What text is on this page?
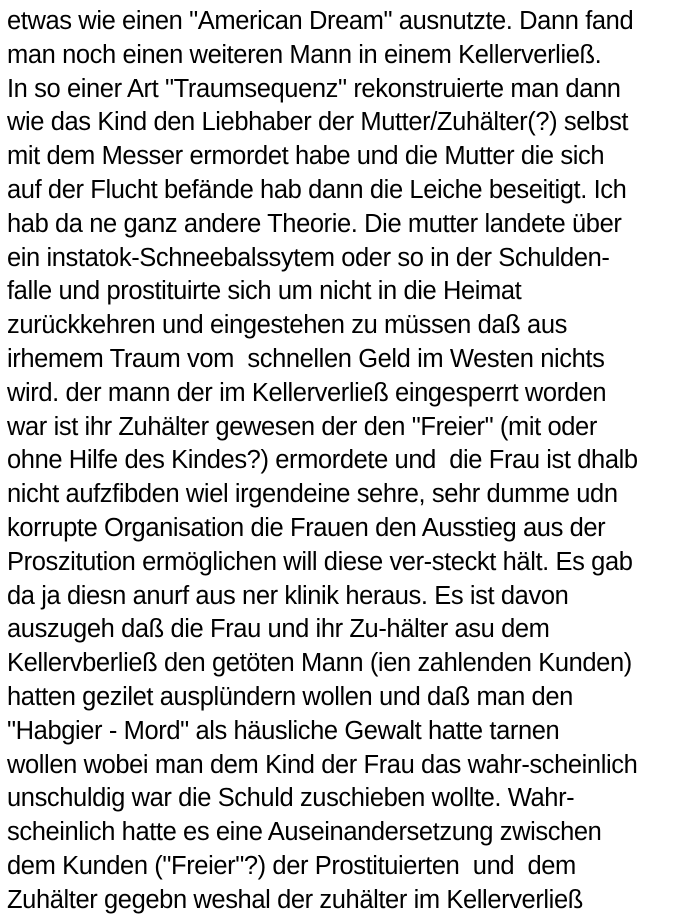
etwas wie einen "American Dream" ausnutzte. Dann fand
man noch einen weiteren Mann in einem Kellerverließ.
In so einer Art "Traumsequenz" rekonstruierte man dann
wie das Kind den Liebhaber der Mutter/Zuhälter(?) selbst
mit dem Messer ermordet habe und die Mutter die sich
auf der Flucht befände hab dann die Leiche beseitigt. Ich
hab da ne ganz andere Theorie. Die mutter landete über
ein instatok-Schneebalssytem oder so in der Schulden-
falle und prostituirte sich um nicht in die Heimat
zurückkehren und eingestehen zu müssen daß aus
irhemem Traum vom  schnellen Geld im Westen nichts
wird. der mann der im Kellerverließ eingesperrt worden
war ist ihr Zuhälter gewesen der den "Freier" (mit oder
ohne Hilfe des Kindes?) ermordete und  die Frau ist dhalb
nicht aufzfibden wiel irgendeine sehre, sehr dumme udn
korrupte Organisation die Frauen den Ausstieg aus der
Proszitution ermöglichen will diese ver-steckt hält. Es gab
da ja diesn anurf aus ner klinik heraus. Es ist davon
auszugeh daß die Frau und ihr Zu-hälter asu dem
Kellervberließ den getöten Mann (ien zahlenden Kunden)
hatten gezilet ausplündern wollen und daß man den
"Habgier - Mord" als häusliche Gewalt hatte tarnen
wollen wobei man dem Kind der Frau das wahr-scheinlich
unschuldig war die Schuld zuschieben wollte. Wahr-
scheinlich hatte es eine Auseinandersetzung zwischen
dem Kunden ("Freier"?) der Prostituierten  und  dem
Zuhälter gegebn weshal der zuhälter im Kellerverließ
